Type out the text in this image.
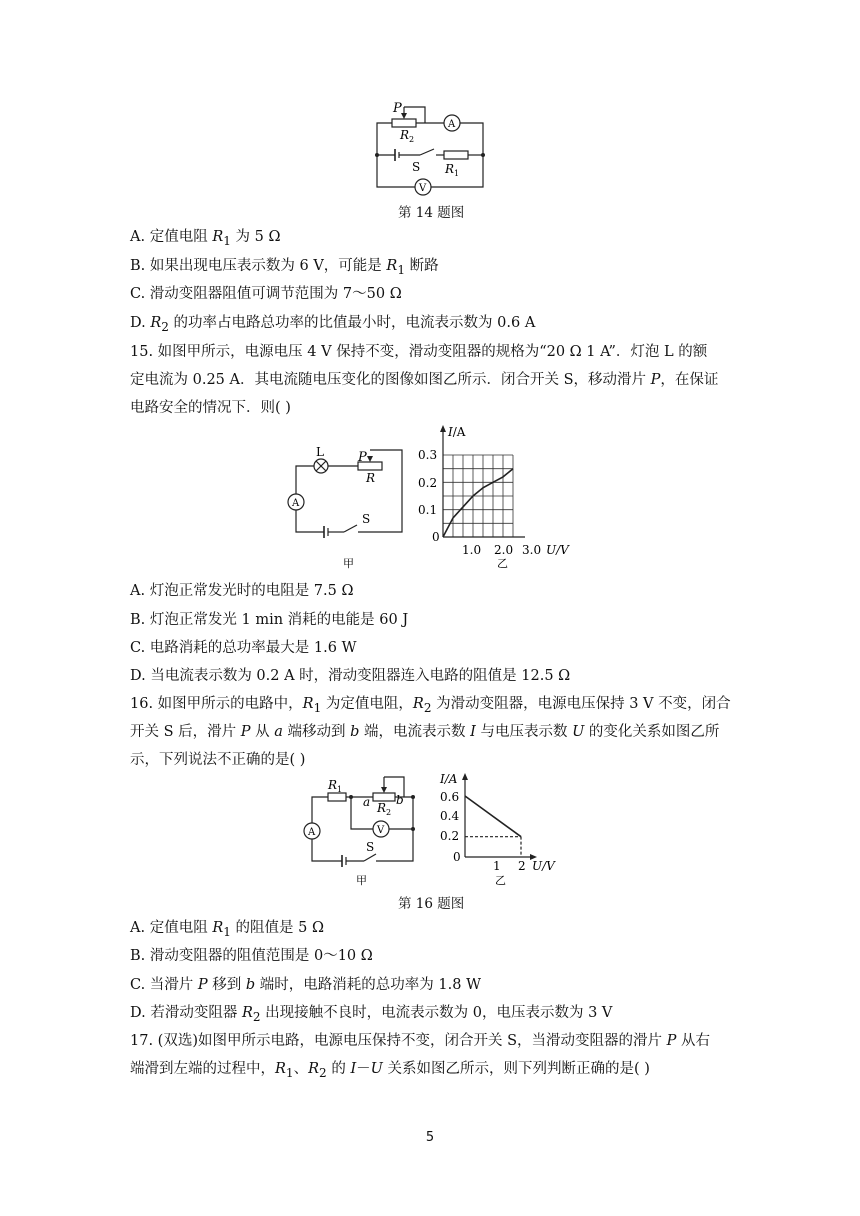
P
$R_2$
A
S $R_1$
V
第 14 题图
A. 定值电阻 $R_1$ 为 5 Ω
B. 如果出现电压表示数为 6 V，可能是 $R_1$ 断路
C. 滑动变阻器阻值可调节范围为 7～50 Ω
D. $R_2$ 的功率占电路总功率的比值最小时，电流表示数为 0.6 A
15. 如图甲所示，电源电压 4 V 保持不变，滑动变阻器的规格为“20 Ω 1 A”．灯泡 L 的额
定电流为 0.25 A．其电流随电压变化的图像如图乙所示．闭合开关 S，移动滑片 P，在保证
电路安全的情况下．则( )
L	P
R
A
S
甲
I/A
0.3
0.2
0.1
0
1.0 2.0 3.0 U/V
乙
A. 灯泡正常发光时的电阻是 7.5 Ω
B. 灯泡正常发光 1 min 消耗的电能是 60 J
C. 电路消耗的总功率最大是 1.6 W
D. 当电流表示数为 0.2 A 时，滑动变阻器连入电路的阻值是 12.5 Ω
16. 如图甲所示的电路中，$R_1$ 为定值电阻，$R_2$ 为滑动变阻器，电源电压保持 3 V 不变，闭合
开关 S 后，滑片 P 从 a 端移动到 b 端，电流表示数 I 与电压表示数 U 的变化关系如图乙所
示，下列说法不正确的是( )
$R_1$
a b
$R_2$
A	V
S
甲
I/A
0.6
0.4
0.2
0
1 2 U/V
乙
第 16 题图
A. 定值电阻 $R_1$ 的阻值是 5 Ω
B. 滑动变阻器的阻值范围是 0～10 Ω
C. 当滑片 P 移到 b 端时，电路消耗的总功率为 1.8 W
D. 若滑动变阻器 $R_2$ 出现接触不良时，电流表示数为 0，电压表示数为 3 V
17. (双选)如图甲所示电路，电源电压保持不变，闭合开关 S，当滑动变阻器的滑片 P 从右
端滑到左端的过程中，$R_1$、$R_2$ 的 I－U 关系如图乙所示，则下列判断正确的是( )
5
